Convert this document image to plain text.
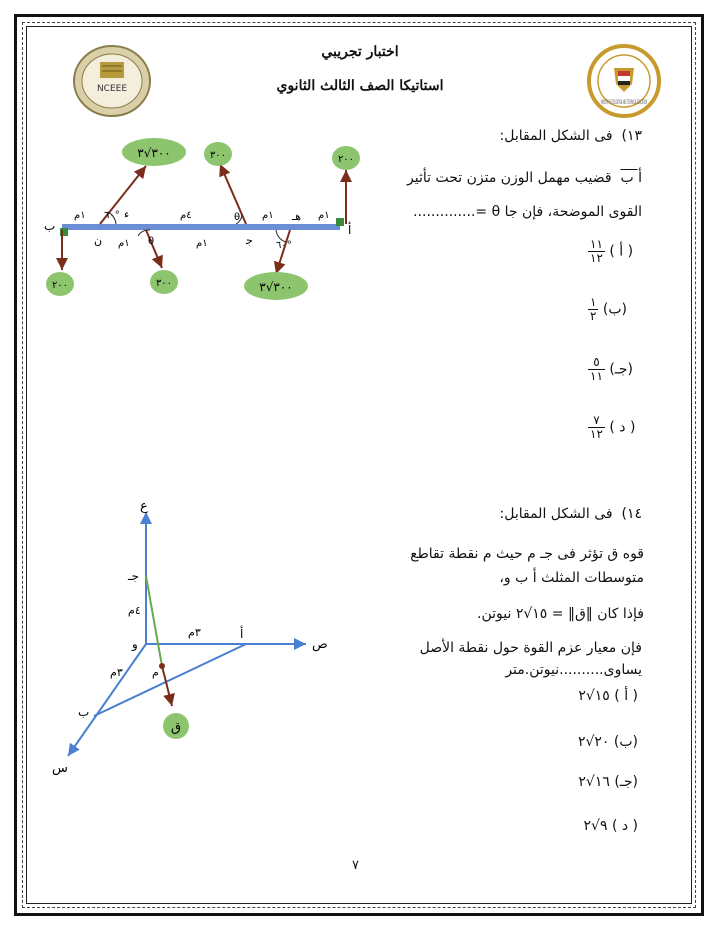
NCEEE
MINISTRY OF EDUCATION AND TECHNICAL EDUCATION
اختبار تجريبي
استاتيكا الصف الثالث الثانوي
١٣)  فى الشكل المقابل:
ﺃ ﺏ  قضيب مهمل الوزن متزن تحت تأثير
القوى الموضحة، فإن جا θ =..............
( أ )
$\frac{١١}{١٢}$
(ب)
$\frac{١}{٢}$
(جـ)
$\frac{٥}{١١}$
( د )
$\frac{٧}{١٢}$
٣٠٠√٣	٣٠٠	٢٠٠
٢٠٠	٣٠٠	٣٠٠√٣
ب	ﺃ
ء	هـ
ن	ﺟ
١م	٤م	١م	١م
١م	١م
٦٠°
θ
θ
٦٠°
١٤)  فى الشكل المقابل:
قوه ق تؤثر فى جـ م حيث م نقطة تقاطع
متوسطات المثلث ﺃ ب و،
فإذا كان ‖ق‖ = ١٥√٢ نيوتن.
فإن معيار عزم القوة حول نقطة الأصل
يساوى..........نيوتن.متر
( أ ) ١٥√٢
(ب) ٢٠√٢
(جـ) ١٦√٢
( د ) ٩√٢
ق
ع
ص
س
جـ
و
ﺃ
ب
م
٤م
٣م
٣م
٧
